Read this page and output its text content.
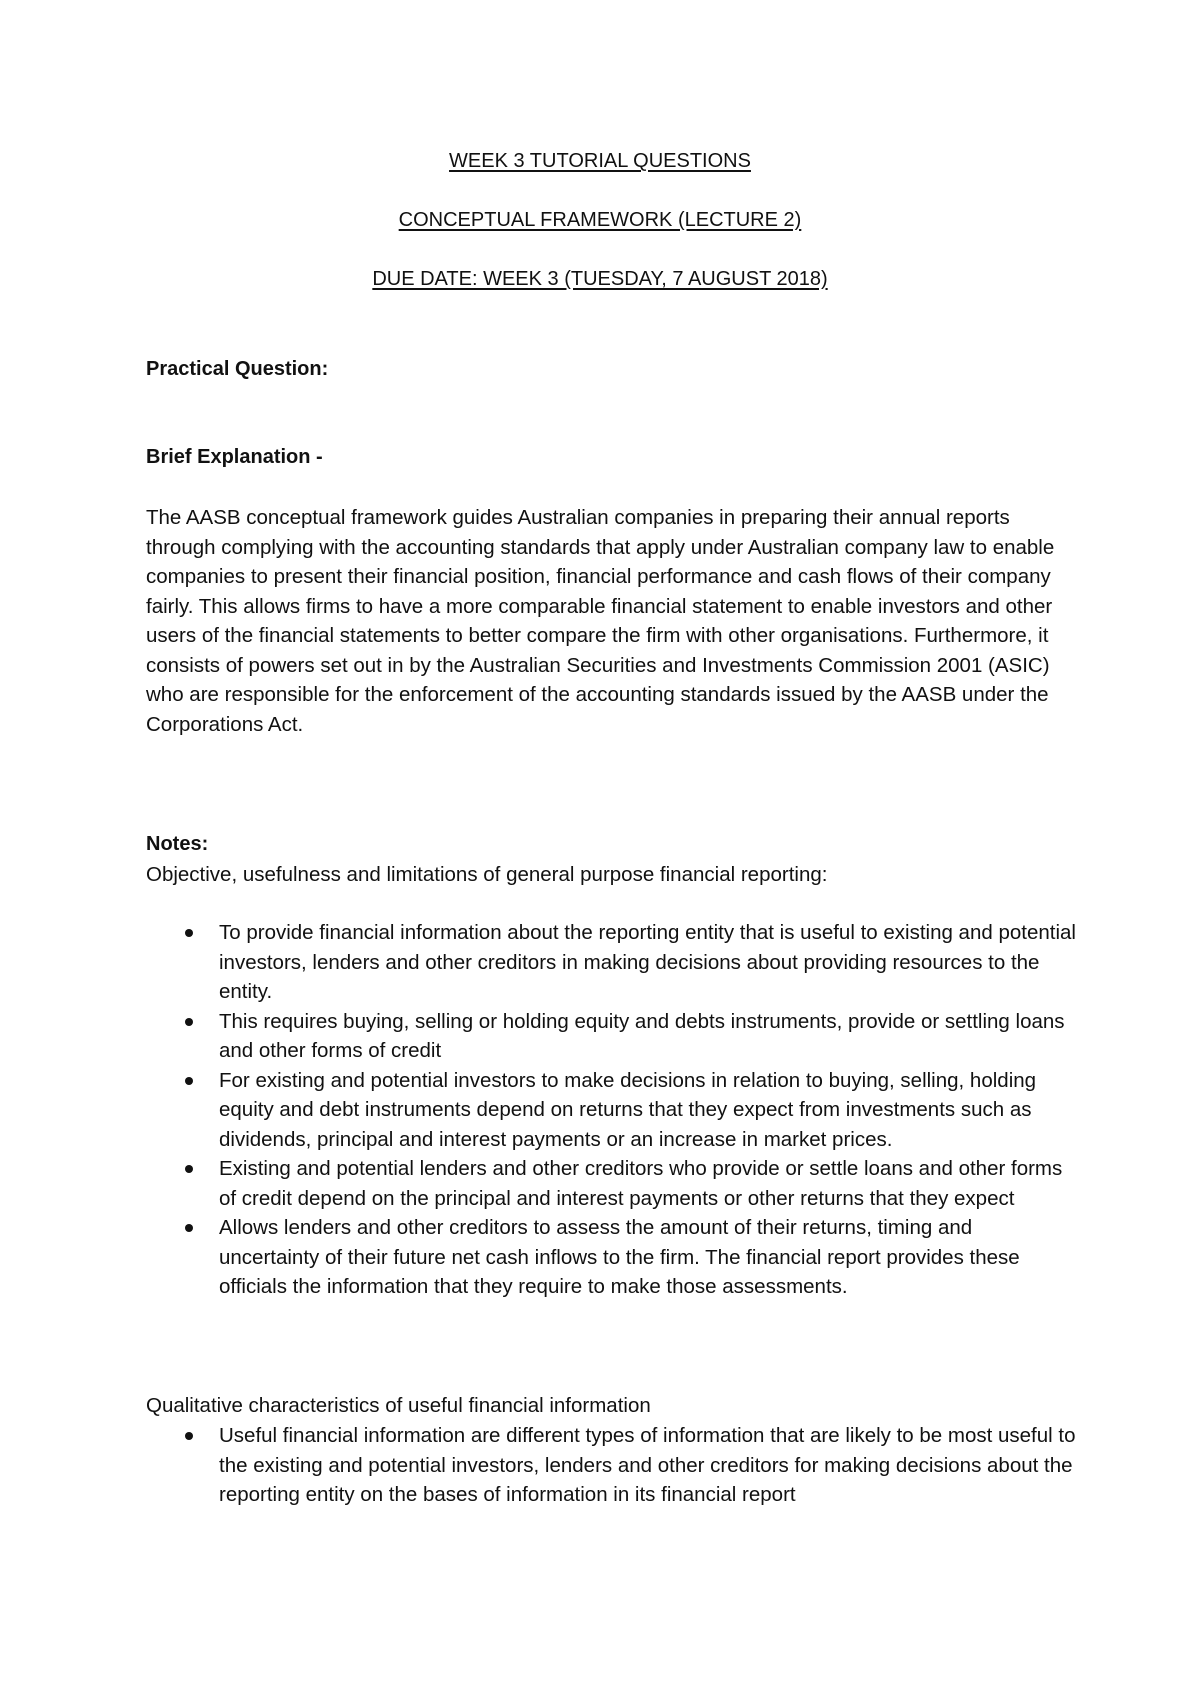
WEEK 3 TUTORIAL QUESTIONS
CONCEPTUAL FRAMEWORK (LECTURE 2)
DUE DATE: WEEK 3 (TUESDAY, 7 AUGUST 2018)
Practical Question:
Brief Explanation -

The AASB conceptual framework guides Australian companies in preparing their annual reports through complying with the accounting standards that apply under Australian company law to enable companies to present their financial position, financial performance and cash flows of their company fairly. This allows firms to have a more comparable financial statement to enable investors and other users of the financial statements to better compare the firm with other organisations. Furthermore, it consists of powers set out in by the Australian Securities and Investments Commission 2001 (ASIC) who are responsible for the enforcement of the accounting standards issued by the AASB under the Corporations Act.

Notes:

Objective, usefulness and limitations of general purpose financial reporting:

To provide financial information about the reporting entity that is useful to existing and potential investors, lenders and other creditors in making decisions about providing resources to the entity.
This requires buying, selling or holding equity and debts instruments, provide or settling loans and other forms of credit
For existing and potential investors to make decisions in relation to buying, selling, holding equity and debt instruments depend on returns that they expect from investments such as dividends, principal and interest payments or an increase in market prices.
Existing and potential lenders and other creditors who provide or settle loans and other forms of credit depend on the principal and interest payments or other returns that they expect
Allows lenders and other creditors to assess the amount of their returns, timing and uncertainty of their future net cash inflows to the firm. The financial report provides these officials the information that they require to make those assessments.

Qualitative characteristics of useful financial information

Useful financial information are different types of information that are likely to be most useful to the existing and potential investors, lenders and other creditors for making decisions about the reporting entity on the bases of information in its financial report
